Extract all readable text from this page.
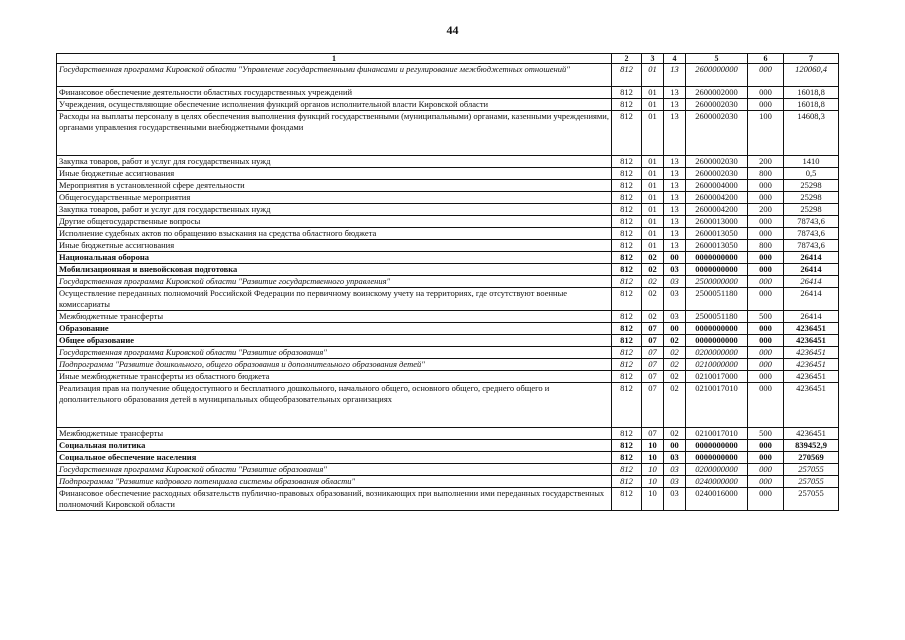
44
1	2	3	4	5	6	7
Государственная программа Кировской области "Управление государственными финансами и регулирование межбюджетных отношений"	812	01	13	2600000000	000	120060,4
Финансовое обеспечение деятельности областных государственных учреждений	812	01	13	2600002000	000	16018,8
Учреждения, осуществляющие обеспечение исполнения функций органов исполнительной власти Кировской области	812	01	13	2600002030	000	16018,8
Расходы на выплаты персоналу в целях обеспечения выполнения функций государственными (муниципальными) органами, казенными учреждениями, органами управления государственными внебюджетными фондами	812	01	13	2600002030	100	14608,3
Закупка товаров, работ и услуг для государственных нужд	812	01	13	2600002030	200	1410
Иные бюджетные ассигнования	812	01	13	2600002030	800	0,5
Мероприятия в установленной сфере деятельности	812	01	13	2600004000	000	25298
Общегосударственные мероприятия	812	01	13	2600004200	000	25298
Закупка товаров, работ и услуг для государственных нужд	812	01	13	2600004200	200	25298
Другие общегосударственные вопросы	812	01	13	2600013000	000	78743,6
Исполнение судебных актов по обращению взыскания на средства областного бюджета	812	01	13	2600013050	000	78743,6
Иные бюджетные ассигнования	812	01	13	2600013050	800	78743,6
Национальная оборона	812	02	00	0000000000	000	26414
Мобилизационная и вневойсковая подготовка	812	02	03	0000000000	000	26414
Государственная программа Кировской области "Развитие государственного управления"	812	02	03	2500000000	000	26414
Осуществление переданных полномочий Российской Федерации по первичному воинскому учету на территориях, где отсутствуют военные комиссариаты	812	02	03	2500051180	000	26414
Межбюджетные трансферты	812	02	03	2500051180	500	26414
Образование	812	07	00	0000000000	000	4236451
Общее образование	812	07	02	0000000000	000	4236451
Государственная программа Кировской области "Развитие образования"	812	07	02	0200000000	000	4236451
Подпрограмма "Развитие дошкольного, общего образования и дополнительного образования детей"	812	07	02	0210000000	000	4236451
Иные межбюджетные трансферты из областного бюджета	812	07	02	0210017000	000	4236451
Реализация прав на получение общедоступного и бесплатного дошкольного, начального общего, основного общего, среднего общего и дополнительного образования детей в муниципальных общеобразовательных организациях	812	07	02	0210017010	000	4236451
Межбюджетные трансферты	812	07	02	0210017010	500	4236451
Социальная политика	812	10	00	0000000000	000	839452,9
Социальное обеспечение населения	812	10	03	0000000000	000	270569
Государственная программа Кировской области "Развитие образования"	812	10	03	0200000000	000	257055
Подпрограмма "Развитие кадрового потенциала системы образования области"	812	10	03	0240000000	000	257055
Финансовое обеспечение расходных обязательств публично-правовых образований, возникающих при выполнении ими переданных государственных полномочий Кировской области	812	10	03	0240016000	000	257055
